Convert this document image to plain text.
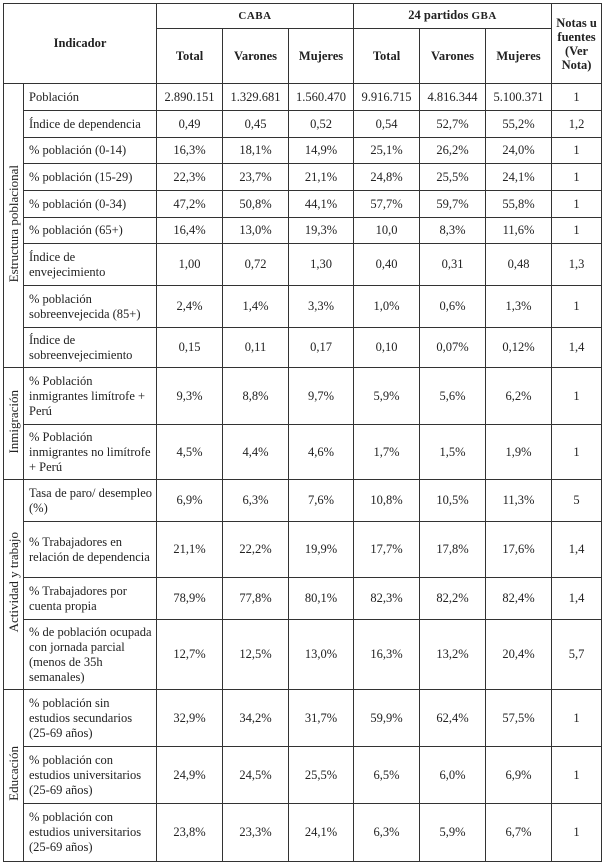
Indicador		CABA			24 partidos GBA			Notas u fuentes (Ver Nota)
		Total	Varones	Mujeres	Total	Varones	Mujeres	
Estructura poblacional	Población	2.890.151	1.329.681	1.560.470	9.916.715	4.816.344	5.100.371	1
	Índice de dependencia	0,49	0,45	0,52	0,54	52,7%	55,2%	1,2
	% población (0-14)	16,3%	18,1%	14,9%	25,1%	26,2%	24,0%	1
	% población (15-29)	22,3%	23,7%	21,1%	24,8%	25,5%	24,1%	1
	% población (0-34)	47,2%	50,8%	44,1%	57,7%	59,7%	55,8%	1
	% población (65+)	16,4%	13,0%	19,3%	10,0	8,3%	11,6%	1
	Índice de envejecimiento	1,00	0,72	1,30	0,40	0,31	0,48	1,3
	% población sobreenvejecida (85+)	2,4%	1,4%	3,3%	1,0%	0,6%	1,3%	1
	Índice de sobreenvejecimiento	0,15	0,11	0,17	0,10	0,07%	0,12%	1,4
Inmigración	% Población inmigrantes limítrofe + Perú	9,3%	8,8%	9,7%	5,9%	5,6%	6,2%	1
	% Población inmigrantes no limítrofe + Perú	4,5%	4,4%	4,6%	1,7%	1,5%	1,9%	1
Actividad y trabajo	Tasa de paro/ desempleo (%)	6,9%	6,3%	7,6%	10,8%	10,5%	11,3%	5
	% Trabajadores en relación de dependencia	21,1%	22,2%	19,9%	17,7%	17,8%	17,6%	1,4
	% Trabajadores por cuenta propia	78,9%	77,8%	80,1%	82,3%	82,2%	82,4%	1,4
	% de población ocupada con jornada parcial (menos de 35h semanales)	12,7%	12,5%	13,0%	16,3%	13,2%	20,4%	5,7
Educación	% población sin estudios secundarios (25-69 años)	32,9%	34,2%	31,7%	59,9%	62,4%	57,5%	1
	% población con estudios universitarios (25-69 años)	24,9%	24,5%	25,5%	6,5%	6,0%	6,9%	1
	% población con estudios universitarios (25-69 años)	23,8%	23,3%	24,1%	6,3%	5,9%	6,7%	1
